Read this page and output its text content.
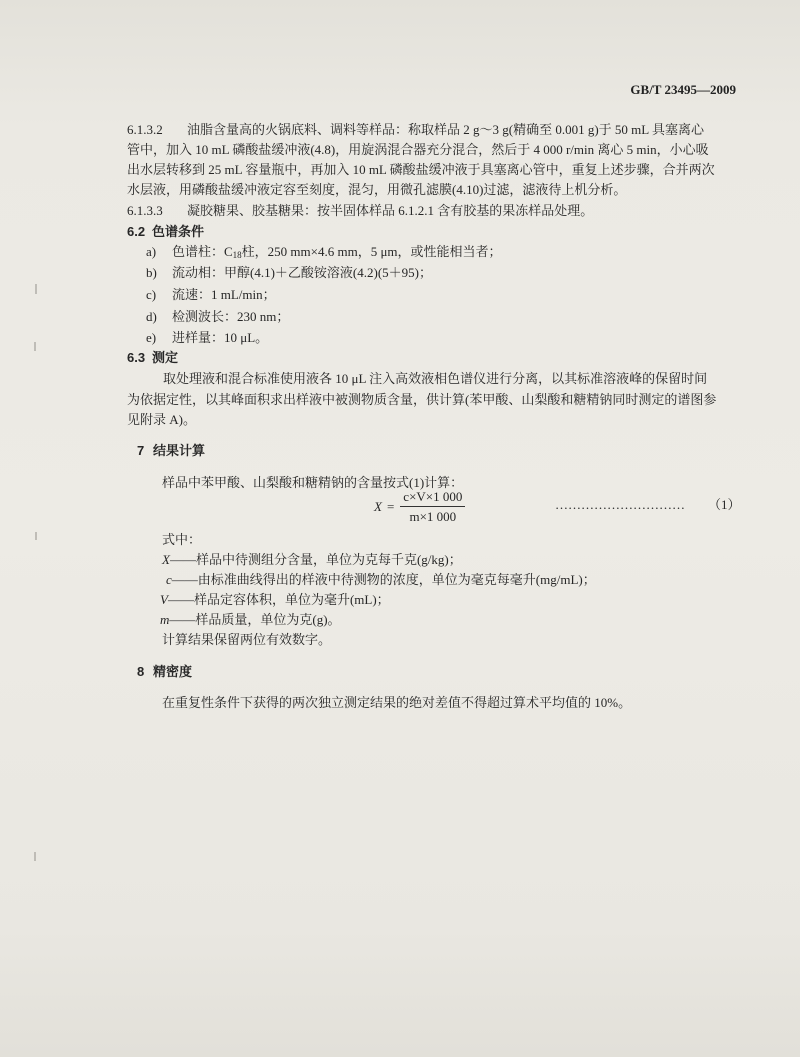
GB/T 23495—2009
6.1.3.2 油脂含量高的火锅底料、调料等样品：称取样品 2 g～3 g(精确至 0.001 g)于 50 mL 具塞离心
管中，加入 10 mL 磷酸盐缓冲液(4.8)，用旋涡混合器充分混合，然后于 4 000 r/min 离心 5 min，小心吸
出水层转移到 25 mL 容量瓶中，再加入 10 mL 磷酸盐缓冲液于具塞离心管中，重复上述步骤，合并两次
水层液，用磷酸盐缓冲液定容至刻度，混匀，用微孔滤膜(4.10)过滤，滤液待上机分析。
6.1.3.3 凝胶糖果、胶基糖果：按半固体样品 6.1.2.1 含有胶基的果冻样品处理。
6.2 色谱条件
a) 色谱柱：$C_{18}$柱，250 mm×4.6 mm，5 μm，或性能相当者；
b) 流动相：甲醇(4.1)＋乙酸铵溶液(4.2)(5＋95)；
c) 流速：1 mL/min；
d) 检测波长：230 nm；
e) 进样量：10 μL。
6.3 测定
取处理液和混合标准使用液各 10 μL 注入高效液相色谱仪进行分离，以其标准溶液峰的保留时间
为依据定性，以其峰面积求出样液中被测物质含量，供计算(苯甲酸、山梨酸和糖精钠同时测定的谱图参
见附录 A)。
7 结果计算
样品中苯甲酸、山梨酸和糖精钠的含量按式(1)计算：
$X = \frac{c\times V\times 1 000}{m\times 1 000}$	………………………… （1）
式中：
X——样品中待测组分含量，单位为克每千克(g/kg)；
c——由标准曲线得出的样液中待测物的浓度，单位为毫克每毫升(mg/mL)；
V——样品定容体积，单位为毫升(mL)；
m——样品质量，单位为克(g)。
计算结果保留两位有效数字。
8 精密度
在重复性条件下获得的两次独立测定结果的绝对差值不得超过算术平均值的 10%。
